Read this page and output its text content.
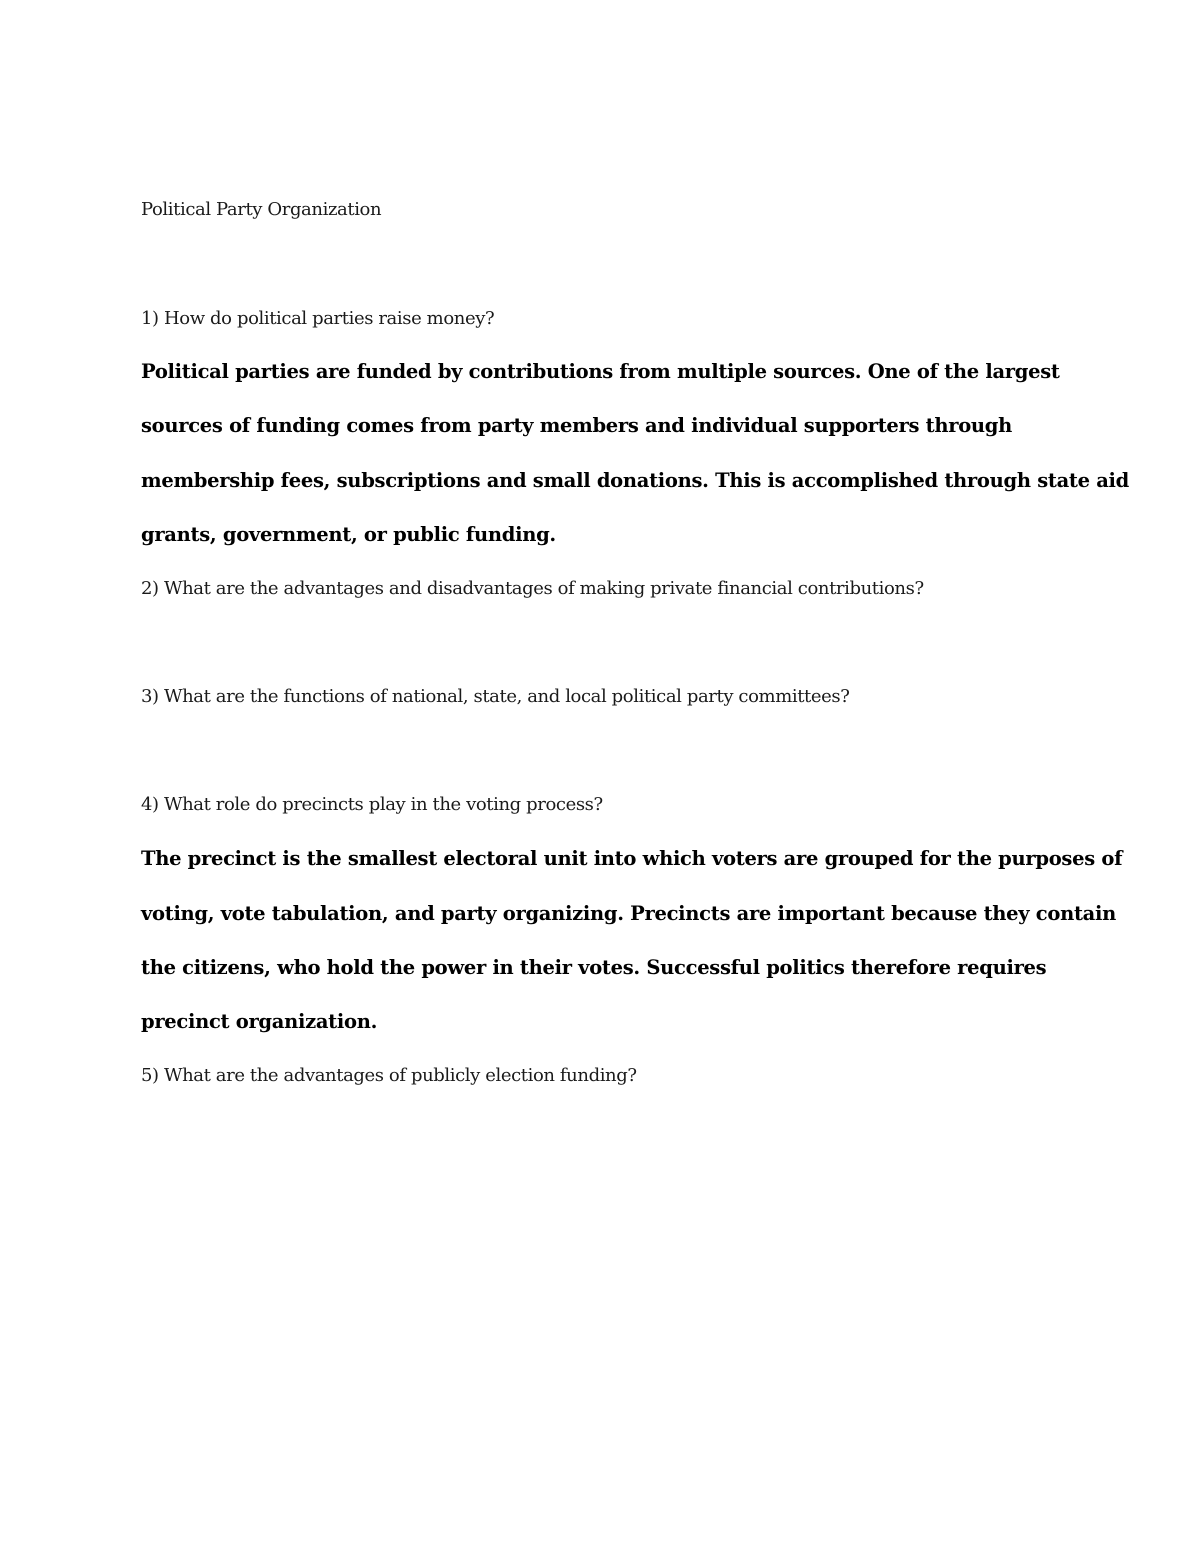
Political Party Organization

1) How do political parties raise money?

Political parties are funded by contributions from multiple sources. One of the largest

sources of funding comes from party members and individual supporters through

membership fees, subscriptions and small donations. This is accomplished through state aid

grants, government, or public funding.

2) What are the advantages and disadvantages of making private financial contributions?

3) What are the functions of national, state, and local political party committees?

4) What role do precincts play in the voting process?

The precinct is the smallest electoral unit into which voters are grouped for the purposes of

voting, vote tabulation, and party organizing. Precincts are important because they contain

the citizens, who hold the power in their votes. Successful politics therefore requires

precinct organization.

5) What are the advantages of publicly election funding?
